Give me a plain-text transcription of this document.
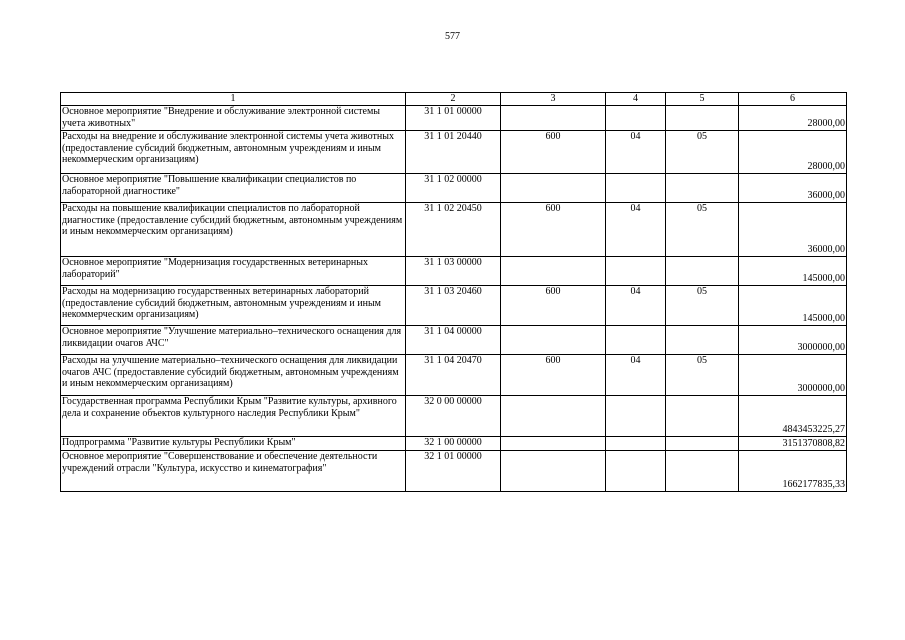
577
1	2	3	4	5	6
Основное мероприятие "Внедрение и обслуживание электронной системы учета животных"	31 1 01 00000				28000,00
Расходы на внедрение и обслуживание электронной системы учета животных (предоставление субсидий бюджетным, автономным учреждениям и иным некоммерческим организациям)	31 1 01 20440	600	04	05	28000,00
Основное мероприятие "Повышение квалификации специалистов по лабораторной диагностике"	31 1 02 00000				36000,00
Расходы на повышение квалификации специалистов по лабораторной диагностике (предоставление субсидий бюджетным, автономным учреждениям и иным некоммерческим организациям)	31 1 02 20450	600	04	05	36000,00
Основное мероприятие "Модернизация государственных ветеринарных лабораторий"	31 1 03 00000				145000,00
Расходы на модернизацию государственных ветеринарных лабораторий (предоставление субсидий бюджетным, автономным учреждениям и иным некоммерческим организациям)	31 1 03 20460	600	04	05	145000,00
Основное мероприятие "Улучшение материально–технического оснащения для ликвидации очагов АЧС"	31 1 04 00000				3000000,00
Расходы на улучшение материально–технического оснащения для ликвидации очагов АЧС (предоставление субсидий бюджетным, автономным учреждениям и иным некоммерческим организациям)	31 1 04 20470	600	04	05	3000000,00
Государственная программа Республики Крым "Развитие культуры, архивного дела и сохранение объектов культурного наследия Республики Крым"	32 0 00 00000				4843453225,27
Подпрограмма "Развитие культуры Республики Крым"	32 1 00 00000				3151370808,82
Основное мероприятие "Совершенствование и обеспечение деятельности учреждений отрасли "Культура, искусство и кинематография"	32 1 01 00000				1662177835,33
